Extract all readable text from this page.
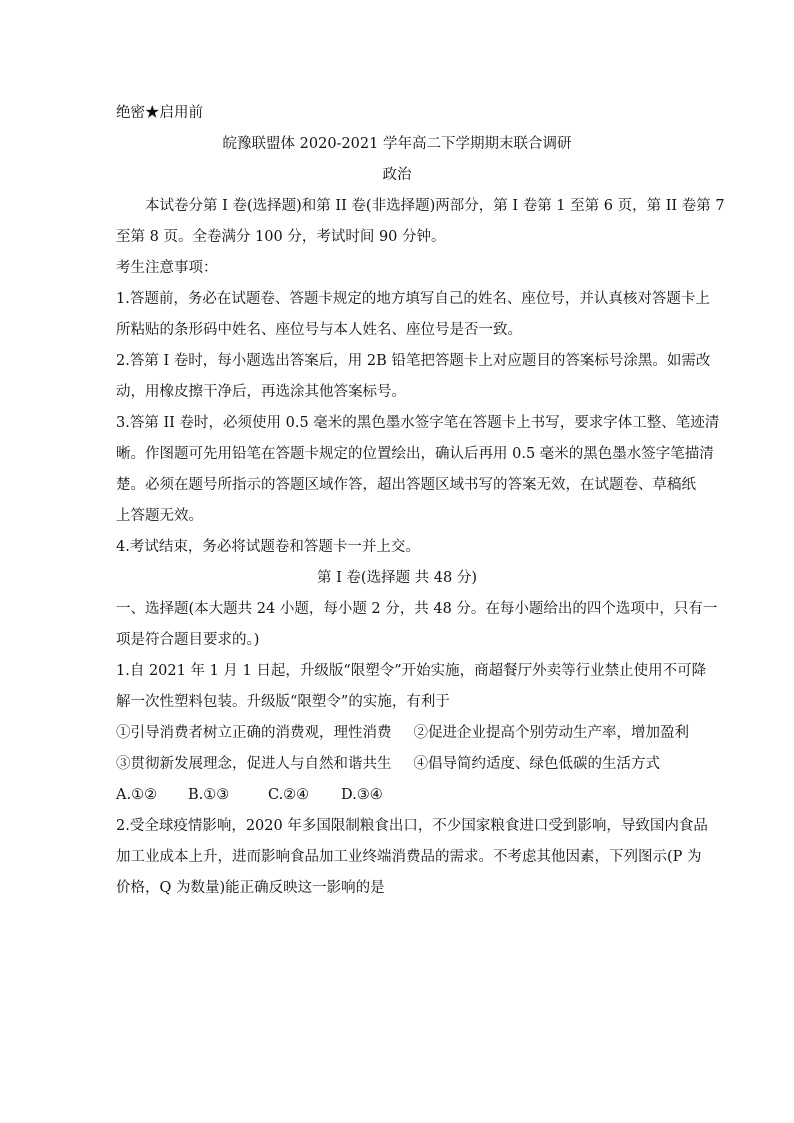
绝密★启用前
皖豫联盟体 2020-2021 学年高二下学期期末联合调研
政治
本试卷分第 I 卷(选择题)和第 II 卷(非选择题)两部分，第 I 卷第 1 至第 6 页，第 II 卷第 7
至第 8 页。全卷满分 100 分，考试时间 90 分钟。
考生注意事项：
1.答题前，务必在试题卷、答题卡规定的地方填写自己的姓名、座位号，并认真核对答题卡上
所粘贴的条形码中姓名、座位号与本人姓名、座位号是否一致。
2.答第 I 卷时，每小题选出答案后，用 2B 铅笔把答题卡上对应题目的答案标号涂黑。如需改
动，用橡皮擦干净后，再选涂其他答案标号。
3.答第 II 卷时，必须使用 0.5 毫米的黑色墨水签字笔在答题卡上书写，要求字体工整、笔迹清
晰。作图题可先用铅笔在答题卡规定的位置绘出，确认后再用 0.5 毫米的黑色墨水签字笔描清
楚。必须在题号所指示的答题区域作答，超出答题区域书写的答案无效，在试题卷、草稿纸
上答题无效。
4.考试结束，务必将试题卷和答题卡一并上交。
第 I 卷(选择题 共 48 分)
一、选择题(本大题共 24 小题，每小题 2 分，共 48 分。在每小题给出的四个选项中，只有一
项是符合题目要求的。)
1.自 2021 年 1 月 1 日起，升级版“限塑令”开始实施，商超餐厅外卖等行业禁止使用不可降
解一次性塑料包装。升级版“限塑令”的实施，有利于
①引导消费者树立正确的消费观，理性消费 ②促进企业提高个别劳动生产率，增加盈利
③贯彻新发展理念，促进人与自然和谐共生 ④倡导简约适度、绿色低碳的生活方式
A.①② B.①③	C.②④ D.③④
2.受全球疫情影响，2020 年多国限制粮食出口，不少国家粮食进口受到影响，导致国内食品
加工业成本上升，进而影响食品加工业终端消费品的需求。不考虑其他因素，下列图示(P 为
价格，Q 为数量)能正确反映这一影响的是
